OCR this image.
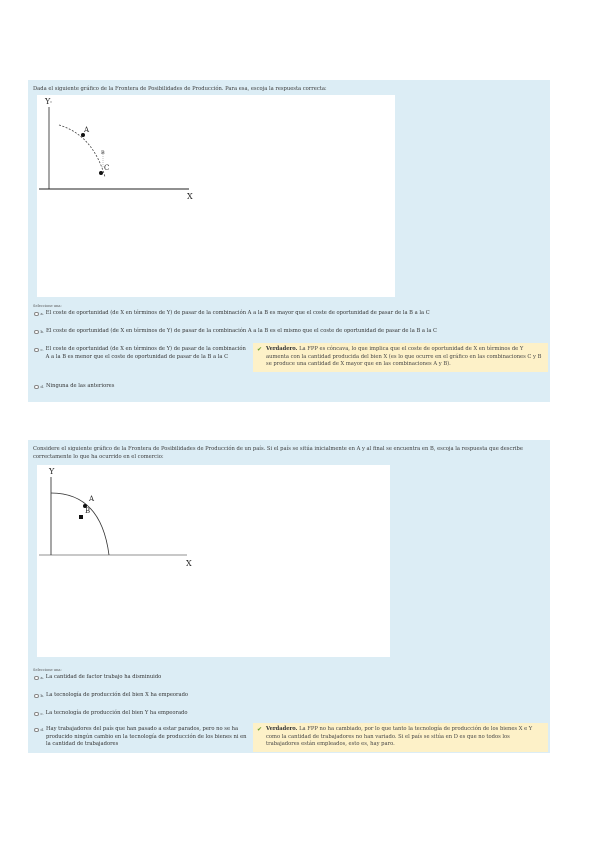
Dada el siguiente gráfico de la Frontera de Posibilidades de Producción. Para esa, escoja la respuesta correcta:
Y ⁽⁾
X
A
B
C
Seleccione una:
a. El coste de oportunidad (de X en términos de Y) de pasar de la combinación A a la B es mayor que el coste de oportunidad de pasar de la B a la C
b. El coste de oportunidad (de X en términos de Y) de pasar de la combinación A a la B es el mismo que el coste de oportunidad de pasar de la B a la C
c. El coste de oportunidad (de X en términos de Y) de pasar de la combinación A a la B es menor que el coste de oportunidad de pasar de la B a la C
✔ Verdadero. La FPP es cóncava, lo que implica que el coste de oportunidad de X en términos de Y aumenta con la cantidad producida del bien X (es lo que ocurre en el gráfico en las combinaciones C y B se produce una cantidad de X mayor que en las combinaciones A y B).
d. Ninguna de las anteriores
Considere el siguiente gráfico de la Frontera de Posibilidades de Producción de un país. Si el país se sitúa inicialmente en A y al final se encuentra en B, escoja la respuesta que describe correctamente lo que ha ocurrido en el comercio:
Y
X
A
B
Seleccione una:
a. La cantidad de factor trabajo ha disminuido
b. La tecnología de producción del bien X ha empeorado
c. La tecnología de producción del bien Y ha empeorado
d. Hay trabajadores del país que han pasado a estar parados, pero no se ha producido ningún cambio en la tecnología de producción de los bienes ni en la cantidad de trabajadores
✔ Verdadero. La FPP no ha cambiado, por lo que tanto la tecnología de producción de los bienes X e Y como la cantidad de trabajadores no han variado. Si el país se sitúa en D es que no todos los trabajadores están empleados, esto es, hay paro.
